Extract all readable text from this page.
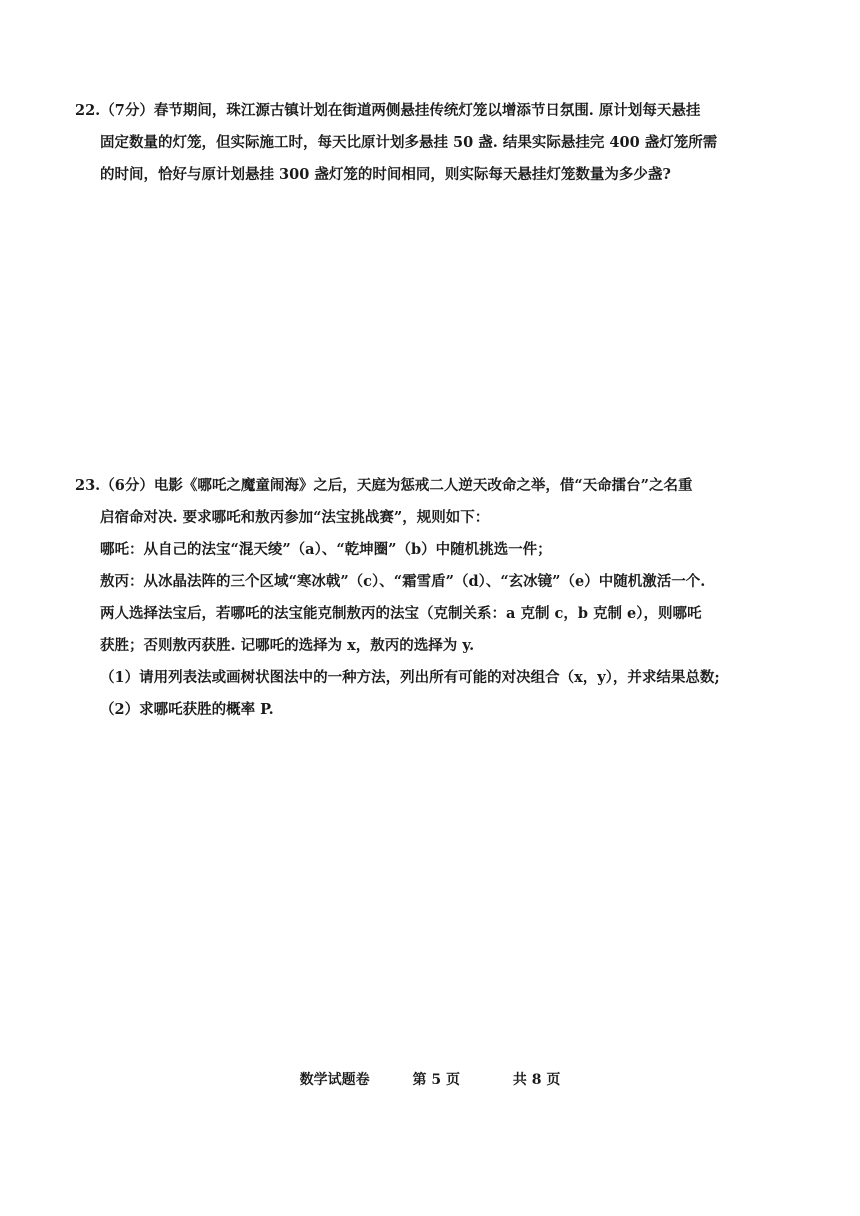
22.（7分）春节期间，珠江源古镇计划在街道两侧悬挂传统灯笼以增添节日氛围. 原计划每天悬挂
固定数量的灯笼，但实际施工时，每天比原计划多悬挂 50 盏. 结果实际悬挂完 400 盏灯笼所需
的时间，恰好与原计划悬挂 300 盏灯笼的时间相同，则实际每天悬挂灯笼数量为多少盏?
23.（6分）电影《哪吒之魔童闹海》之后，天庭为惩戒二人逆天改命之举，借“天命擂台”之名重
启宿命对决. 要求哪吒和敖丙参加“法宝挑战赛”，规则如下：
哪吒：从自己的法宝“混天绫”（a）、“乾坤圈”（b）中随机挑选一件；
敖丙：从冰晶法阵的三个区域“寒冰戟”（c）、“霜雪盾”（d）、“玄冰镜”（e）中随机激活一个.
两人选择法宝后，若哪吒的法宝能克制敖丙的法宝（克制关系：a 克制 c，b 克制 e），则哪吒
获胜；否则敖丙获胜. 记哪吒的选择为 x，敖丙的选择为 y.
（1）请用列表法或画树状图法中的一种方法，列出所有可能的对决组合（x，y），并求结果总数;
（2）求哪吒获胜的概率 P.
数学试题卷	第 5 页	共 8 页
